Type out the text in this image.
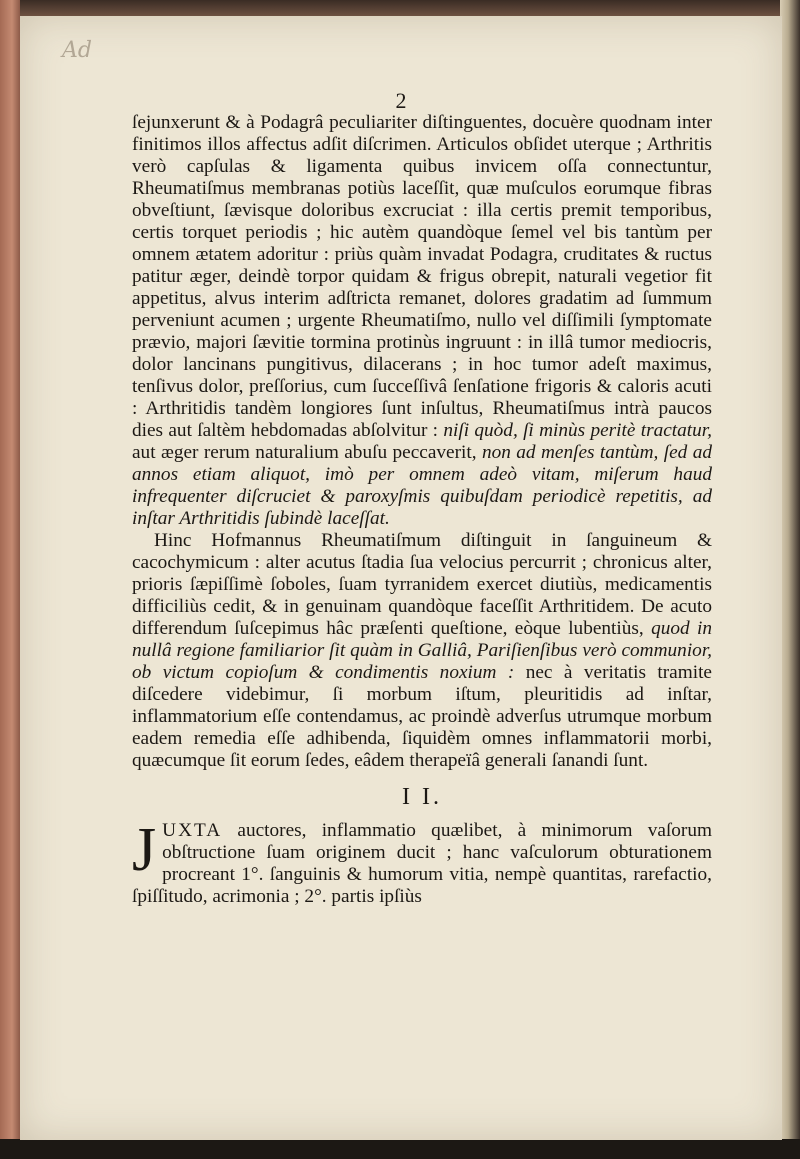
Ad
2

ſejunxerunt & à Podagrâ peculiariter diſtinguentes, docuère quodnam inter finitimos illos affectus adſit diſcrimen. Articulos obſidet uterque ; Arthritis verò capſulas & ligamenta quibus invicem oſſa connectuntur, Rheumatiſmus membranas potiùs laceſſit, quæ muſculos eorumque fibras obveſtiunt, ſævisque doloribus excruciat : illa certis premit temporibus, certis torquet periodis ; hic autèm quandòque ſemel vel bis tantùm per omnem ætatem adoritur : priùs quàm invadat Podagra, cruditates & ructus patitur æger, deindè torpor quidam & frigus obrepit, naturali vegetior fit appetitus, alvus interim adſtricta remanet, dolores gradatim ad ſummum perveniunt acumen ; urgente Rheumatiſmo, nullo vel diſſimili ſymptomate prævio, majori ſævitie tormina protinùs ingruunt : in illâ tumor mediocris, dolor lancinans pungitivus, dilacerans ; in hoc tumor adeſt maximus, tenſivus dolor, preſſorius, cum ſucceſſivâ ſenſatione frigoris & caloris acuti : Arthritidis tandèm longiores ſunt inſultus, Rheumatiſmus intrà paucos dies aut ſaltèm hebdomadas abſolvitur : niſi quòd, ſi minùs peritè tractatur, aut æger rerum naturalium abuſu peccaverit, non ad menſes tantùm, ſed ad annos etiam aliquot, imò per omnem adeò vitam, miſerum haud infrequenter diſcruciet & paroxyſmis quibuſdam periodicè repetitis, ad inſtar Arthritidis ſubindè laceſſat.

Hinc Hofmannus Rheumatiſmum diſtinguit in ſanguineum & cacochymicum : alter acutus ſtadia ſua velocius percurrit ; chronicus alter, prioris ſæpiſſimè ſoboles, ſuam tyrranidem exercet diutiùs, medicamentis difficiliùs cedit, & in genuinam quandòque faceſſit Arthritidem. De acuto differendum ſuſcepimus hâc præſenti queſtione, eòque lubentiùs, quod in nullâ regione familiarior ſit quàm in Galliâ, Pariſienſibus verò communior, ob victum copioſum & condimentis noxium : nec à veritatis tramite diſcedere videbimur, ſi morbum iſtum, pleuritidis ad inſtar, inflammatorium eſſe contendamus, ac proindè adverſus utrumque morbum eadem remedia eſſe adhibenda, ſiquidèm omnes inflammatorii morbi, quæcumque ſit eorum ſedes, eâdem therapeïâ generali ſanandi ſunt.

I I.

J UXTA auctores, inflammatio quælibet, à minimorum vaſorum obſtructione ſuam originem ducit ; hanc vaſculorum obturationem procreant 1°. ſanguinis & humorum vitia, nempè quantitas, rarefactio, ſpiſſitudo, acrimonia ; 2°. partis ipſiùs
